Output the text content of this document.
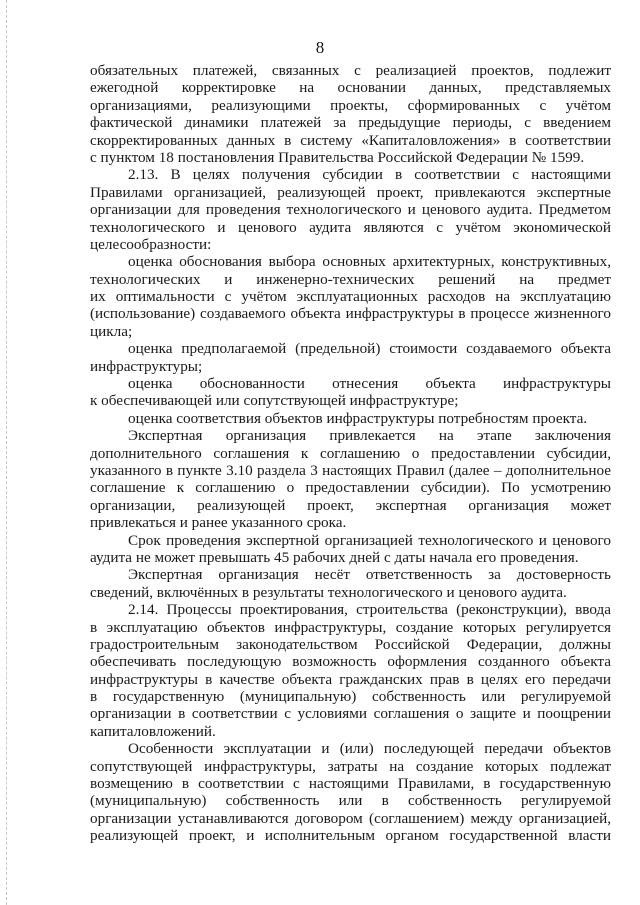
8
обязательных платежей, связанных с реализацией проектов, подлежит
ежегодной корректировке на основании данных, представляемых
организациями, реализующими проекты, сформированных с учётом
фактической динамики платежей за предыдущие периоды, с введением
скорректированных данных в систему «Капиталовложения» в соответствии
с пунктом 18 постановления Правительства Российской Федерации № 1599.
2.13. В целях получения субсидии в соответствии с настоящими
Правилами организацией, реализующей проект, привлекаются экспертные
организации для проведения технологического и ценового аудита. Предметом
технологического и ценового аудита являются с учётом экономической
целесообразности:
оценка обоснования выбора основных архитектурных, конструктивных,
технологических и инженерно-технических решений на предмет
их оптимальности с учётом эксплуатационных расходов на эксплуатацию
(использование) создаваемого объекта инфраструктуры в процессе жизненного
цикла;
оценка предполагаемой (предельной) стоимости создаваемого объекта
инфраструктуры;
оценка обоснованности отнесения объекта инфраструктуры
к обеспечивающей или сопутствующей инфраструктуре;
оценка соответствия объектов инфраструктуры потребностям проекта.
Экспертная организация привлекается на этапе заключения
дополнительного соглашения к соглашению о предоставлении субсидии,
указанного в пункте 3.10 раздела 3 настоящих Правил (далее – дополнительное
соглашение к соглашению о предоставлении субсидии). По усмотрению
организации, реализующей проект, экспертная организация может
привлекаться и ранее указанного срока.
Срок проведения экспертной организацией технологического и ценового
аудита не может превышать 45 рабочих дней с даты начала его проведения.
Экспертная организация несёт ответственность за достоверность
сведений, включённых в результаты технологического и ценового аудита.
2.14. Процессы проектирования, строительства (реконструкции), ввода
в эксплуатацию объектов инфраструктуры, создание которых регулируется
градостроительным законодательством Российской Федерации, должны
обеспечивать последующую возможность оформления созданного объекта
инфраструктуры в качестве объекта гражданских прав в целях его передачи
в государственную (муниципальную) собственность или регулируемой
организации в соответствии с условиями соглашения о защите и поощрении
капиталовложений.
Особенности эксплуатации и (или) последующей передачи объектов
сопутствующей инфраструктуры, затраты на создание которых подлежат
возмещению в соответствии с настоящими Правилами, в государственную
(муниципальную) собственность или в собственность регулируемой
организации устанавливаются договором (соглашением) между организацией,
реализующей проект, и исполнительным органом государственной власти
